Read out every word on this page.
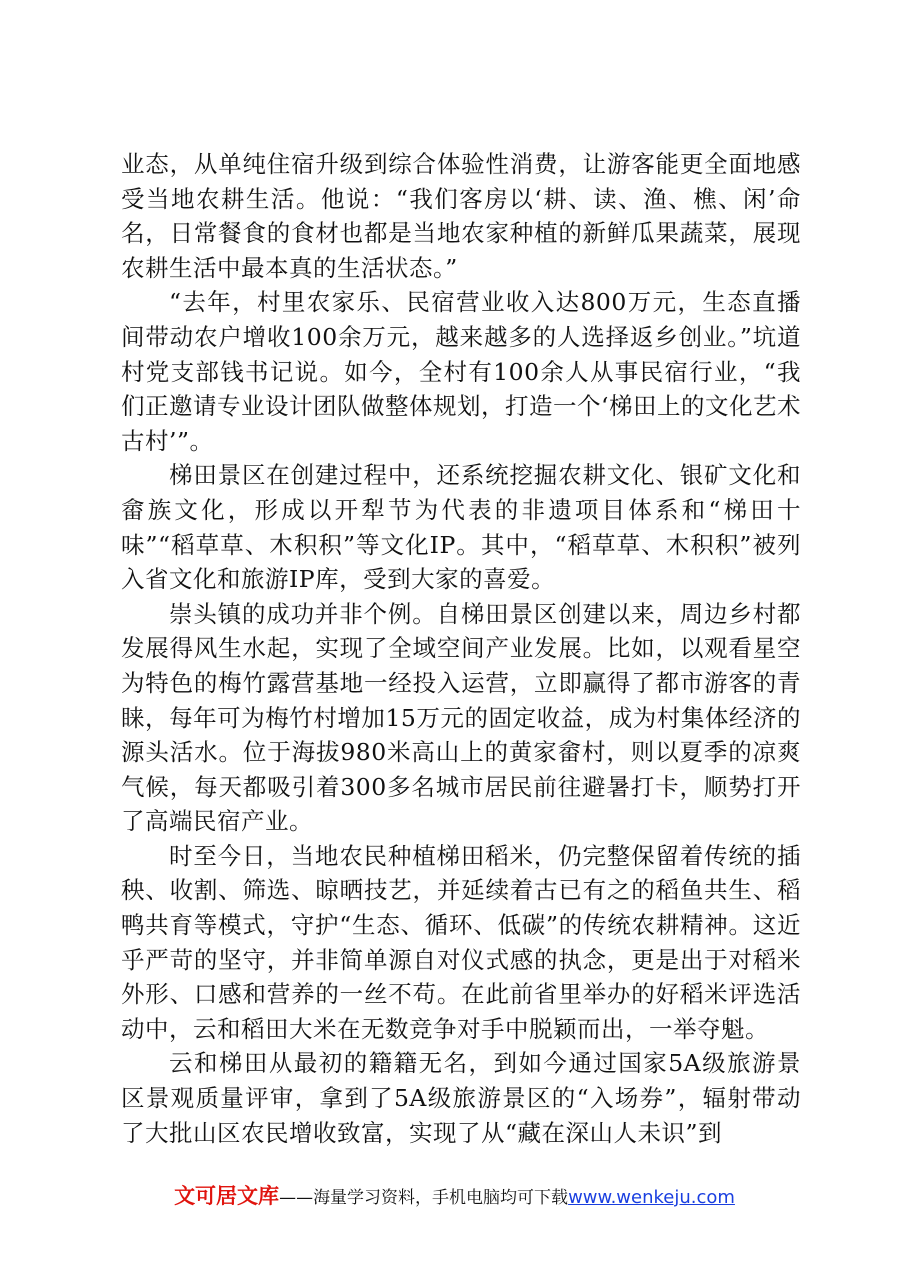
业态，从单纯住宿升级到综合体验性消费，让游客能更全面地感受当地农耕生活。他说：“我们客房以‘耕、读、渔、樵、闲’命名，日常餐食的食材也都是当地农家种植的新鲜瓜果蔬菜，展现农耕生活中最本真的生活状态。”

“去年，村里农家乐、民宿营业收入达800万元，生态直播间带动农户增收100余万元，越来越多的人选择返乡创业。”坑道村党支部钱书记说。如今，全村有100余人从事民宿行业，“我们正邀请专业设计团队做整体规划，打造一个‘梯田上的文化艺术古村’”。

梯田景区在创建过程中，还系统挖掘农耕文化、银矿文化和畲族文化，形成以开犁节为代表的非遗项目体系和“梯田十味”“稻草草、木积积”等文化IP。其中，“稻草草、木积积”被列入省文化和旅游IP库，受到大家的喜爱。

崇头镇的成功并非个例。自梯田景区创建以来，周边乡村都发展得风生水起，实现了全域空间产业发展。比如，以观看星空为特色的梅竹露营基地一经投入运营，立即赢得了都市游客的青睐，每年可为梅竹村增加15万元的固定收益，成为村集体经济的源头活水。位于海拔980米高山上的黄家畲村，则以夏季的凉爽气候，每天都吸引着300多名城市居民前往避暑打卡，顺势打开了高端民宿产业。

时至今日，当地农民种植梯田稻米，仍完整保留着传统的插秧、收割、筛选、晾晒技艺，并延续着古已有之的稻鱼共生、稻鸭共育等模式，守护“生态、循环、低碳”的传统农耕精神。这近乎严苛的坚守，并非简单源自对仪式感的执念，更是出于对稻米外形、口感和营养的一丝不苟。在此前省里举办的好稻米评选活动中，云和稻田大米在无数竞争对手中脱颖而出，一举夺魁。

云和梯田从最初的籍籍无名，到如今通过国家5A级旅游景区景观质量评审，拿到了5A级旅游景区的“入场券”，辐射带动了大批山区农民增收致富，实现了从“藏在深山人未识”到

文可居文库——海量学习资料，手机电脑均可下载www.wenkeju.com
